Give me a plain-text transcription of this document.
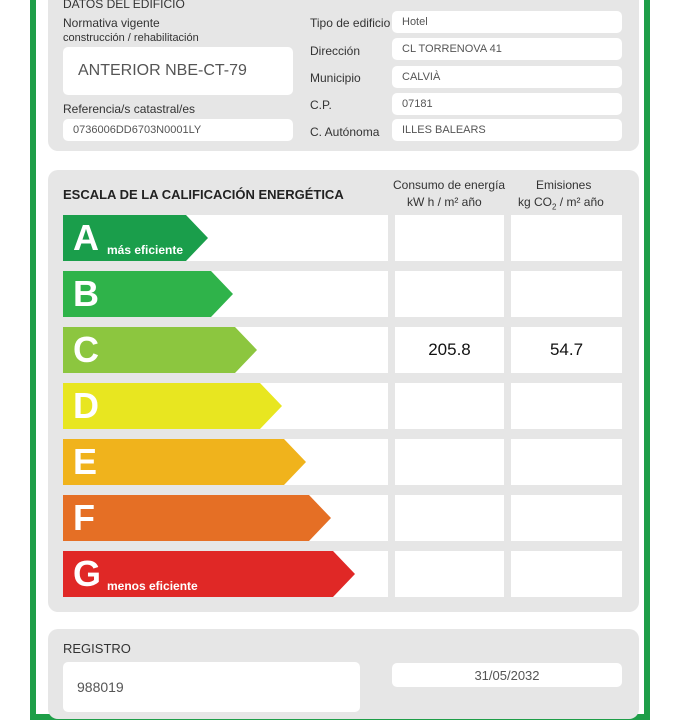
DATOS DEL EDIFICIO
Normativa vigente
construcción / rehabilitación
ANTERIOR NBE-CT-79
Referencia/s catastral/es
0736006DD6703N0001LY
Tipo de edificio	Hotel
Dirección	CL TORRENOVA 41
Municipio	CALVIÀ
C.P.	07181
C. Autónoma	ILLES BALEARS
ESCALA DE LA CALIFICACIÓN ENERGÉTICA
Consumo de energía
kW h / m² año
Emisiones
kg $CO_2 / m^2$ año
A más eficiente
B
C	205.8	54.7
D
E
F
G menos eficiente
REGISTRO
988019
31/05/2032
